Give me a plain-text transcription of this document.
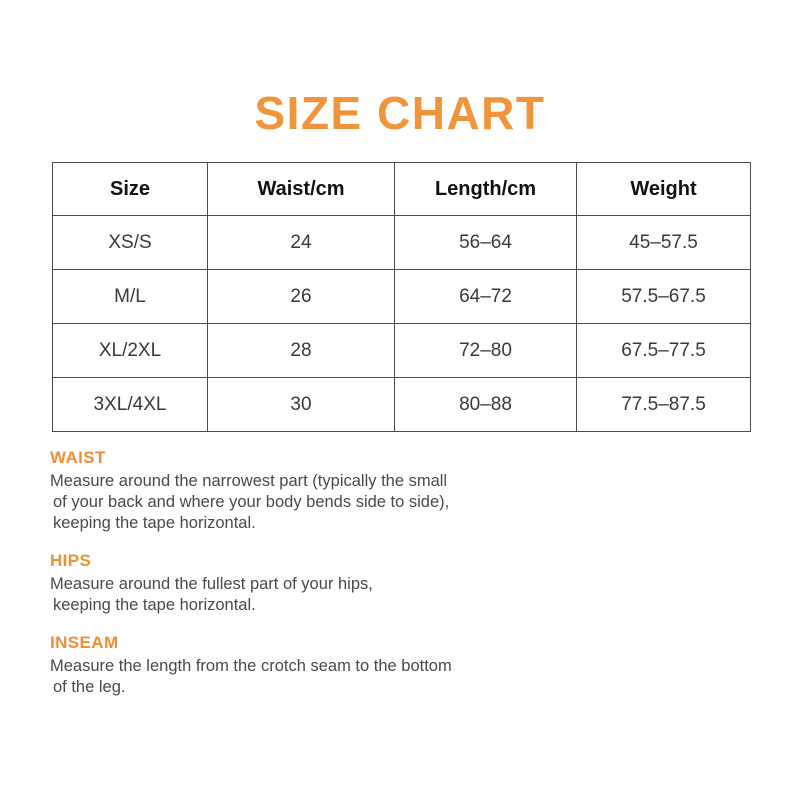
SIZE CHART
Size	Waist/cm	Length/cm	Weight
XS/S	24	56–64	45–57.5
M/L	26	64–72	57.5–67.5
XL/2XL	28	72–80	67.5–77.5
3XL/4XL	30	80–88	77.5–87.5
WAIST
Measure around the narrowest part (typically the small
of your back and where your body bends side to side),
keeping the tape horizontal.
HIPS
Measure around the fullest part of your hips,
keeping the tape horizontal.
INSEAM
Measure the length from the crotch seam to the bottom
of the leg.
